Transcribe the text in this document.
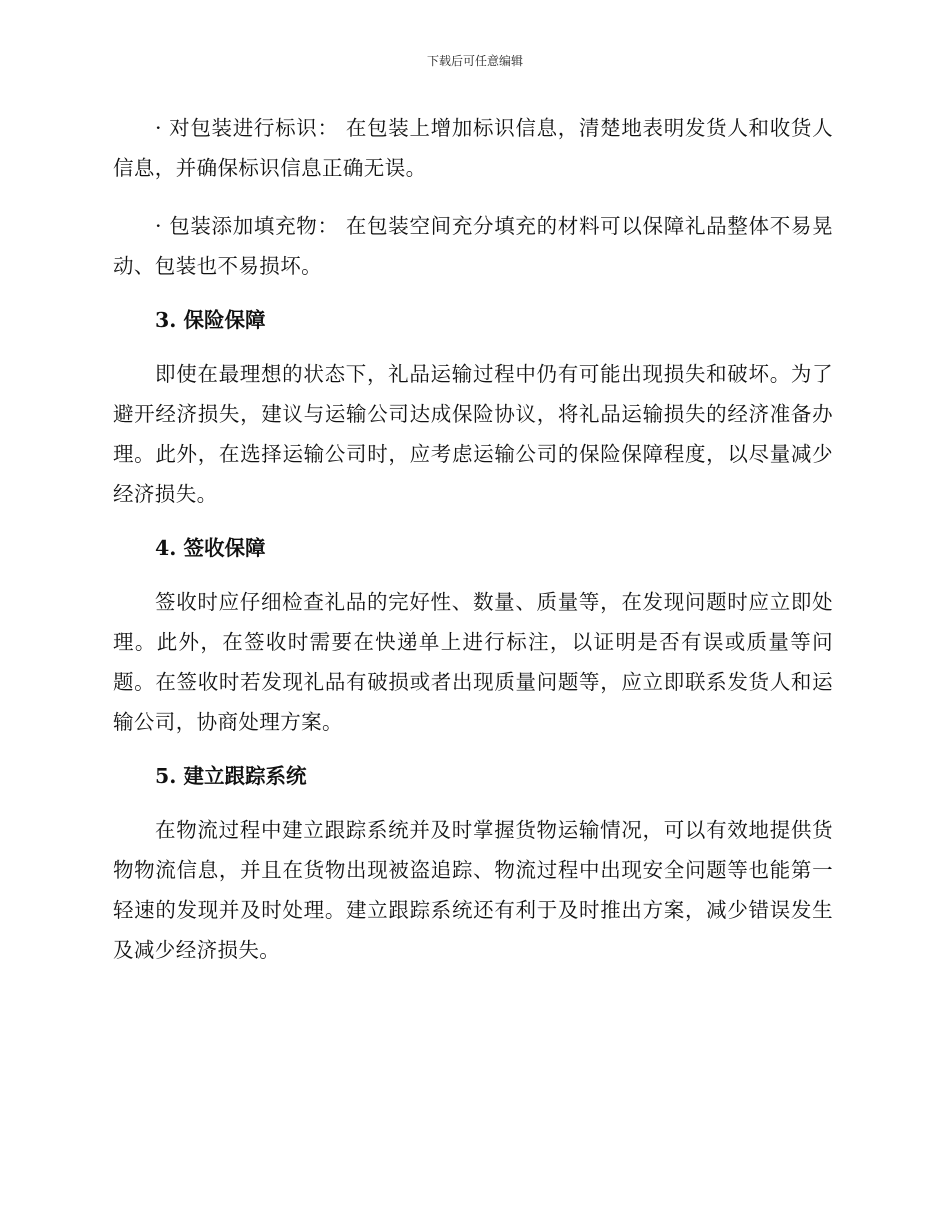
下载后可任意编辑

· 对包装进行标识： 在包装上增加标识信息，清楚地表明发货人和收货人信息，并确保标识信息正确无误。

· 包装添加填充物： 在包装空间充分填充的材料可以保障礼品整体不易晃动、包装也不易损坏。

3. 保险保障

即使在最理想的状态下，礼品运输过程中仍有可能出现损失和破坏。为了避开经济损失，建议与运输公司达成保险协议，将礼品运输损失的经济准备办理。此外，在选择运输公司时，应考虑运输公司的保险保障程度，以尽量减少经济损失。

4. 签收保障

签收时应仔细检查礼品的完好性、数量、质量等，在发现问题时应立即处理。此外，在签收时需要在快递单上进行标注，以证明是否有误或质量等问题。在签收时若发现礼品有破损或者出现质量问题等，应立即联系发货人和运输公司，协商处理方案。

5. 建立跟踪系统

在物流过程中建立跟踪系统并及时掌握货物运输情况，可以有效地提供货物物流信息，并且在货物出现被盗追踪、物流过程中出现安全问题等也能第一轻速的发现并及时处理。建立跟踪系统还有利于及时推出方案，减少错误发生及减少经济损失。
